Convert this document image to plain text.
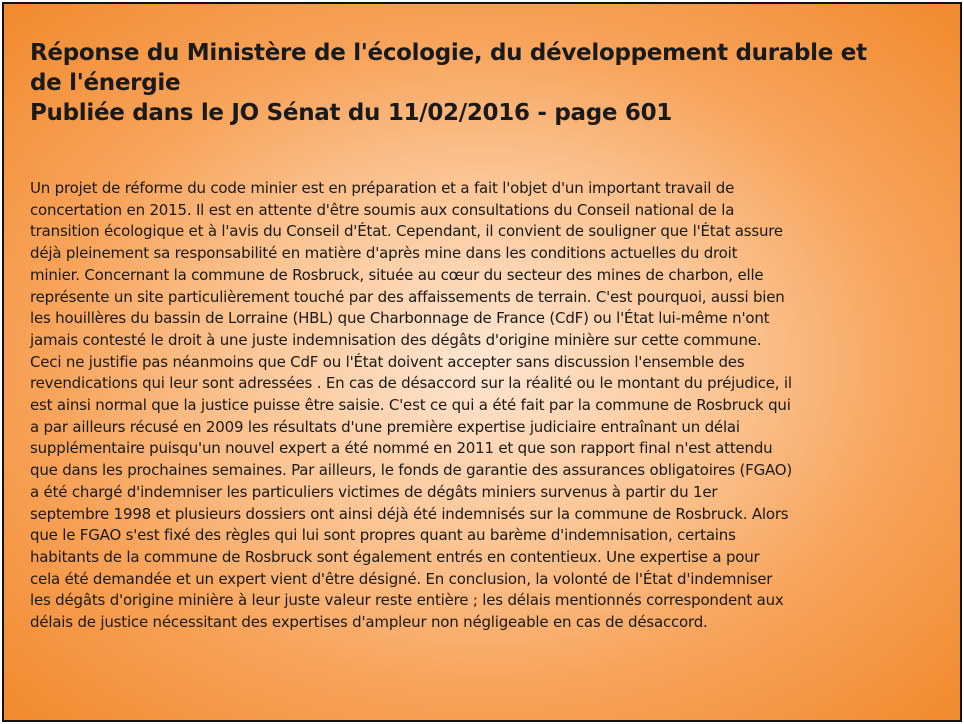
Réponse du Ministère de l'écologie, du développement durable et
de l'énergie
Publiée dans le JO Sénat du 11/02/2016 - page 601
Un projet de réforme du code minier est en préparation et a fait l'objet d'un important travail de
concertation en 2015. Il est en attente d'être soumis aux consultations du Conseil national de la
transition écologique et à l'avis du Conseil d'État. Cependant, il convient de souligner que l'État assure
déjà pleinement sa responsabilité en matière d'après mine dans les conditions actuelles du droit
minier. Concernant la commune de Rosbruck, située au cœur du secteur des mines de charbon, elle
représente un site particulièrement touché par des affaissements de terrain. C'est pourquoi, aussi bien
les houillères du bassin de Lorraine (HBL) que Charbonnage de France (CdF) ou l'État lui-même n'ont
jamais contesté le droit à une juste indemnisation des dégâts d'origine minière sur cette commune.
Ceci ne justifie pas néanmoins que CdF ou l'État doivent accepter sans discussion l'ensemble des
revendications qui leur sont adressées . En cas de désaccord sur la réalité ou le montant du préjudice, il
est ainsi normal que la justice puisse être saisie. C'est ce qui a été fait par la commune de Rosbruck qui
a par ailleurs récusé en 2009 les résultats d'une première expertise judiciaire entraînant un délai
supplémentaire puisqu'un nouvel expert a été nommé en 2011 et que son rapport final n'est attendu
que dans les prochaines semaines. Par ailleurs, le fonds de garantie des assurances obligatoires (FGAO)
a été chargé d'indemniser les particuliers victimes de dégâts miniers survenus à partir du 1er
septembre 1998 et plusieurs dossiers ont ainsi déjà été indemnisés sur la commune de Rosbruck. Alors
que le FGAO s'est fixé des règles qui lui sont propres quant au barème d'indemnisation, certains
habitants de la commune de Rosbruck sont également entrés en contentieux. Une expertise a pour
cela été demandée et un expert vient d'être désigné. En conclusion, la volonté de l'État d'indemniser
les dégâts d'origine minière à leur juste valeur reste entière ; les délais mentionnés correspondent aux
délais de justice nécessitant des expertises d'ampleur non négligeable en cas de désaccord.
